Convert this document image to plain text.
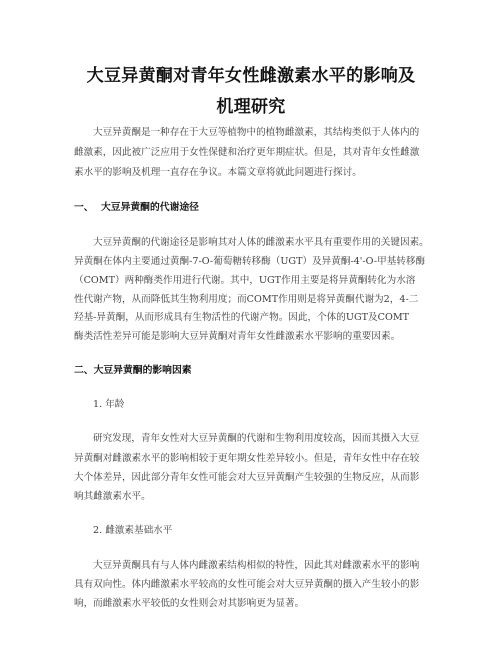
大豆异黄酮对青年女性雌激素水平的影响及
机理研究
大豆异黄酮是一种存在于大豆等植物中的植物雌激素，其结构类似于人体内的
雌激素，因此被广泛应用于女性保健和治疗更年期症状。但是，其对青年女性雌激
素水平的影响及机理一直存在争议。本篇文章将就此问题进行探讨。
一、 大豆异黄酮的代谢途径
大豆异黄酮的代谢途径是影响其对人体的雌激素水平具有重要作用的关键因素。
异黄酮在体内主要通过黄酮-7-O-葡萄糖转移酶（UGT）及异黄酮-4'-O-甲基转移酶
（COMT）两种酶类作用进行代谢。其中，UGT作用主要是将异黄酮转化为水溶
性代谢产物，从而降低其生物利用度；而COMT作用则是将异黄酮代谢为2，4-二
羟基-异黄酮，从而形成具有生物活性的代谢产物。因此，个体的UGT及COMT
酶类活性差异可能是影响大豆异黄酮对青年女性雌激素水平影响的重要因素。
二、大豆异黄酮的影响因素
1. 年龄
研究发现，青年女性对大豆异黄酮的代谢和生物利用度较高，因而其摄入大豆
异黄酮对雌激素水平的影响相较于更年期女性差异较小。但是，青年女性中存在较
大个体差异，因此部分青年女性可能会对大豆异黄酮产生较强的生物反应，从而影
响其雌激素水平。
2. 雌激素基础水平
大豆异黄酮具有与人体内雌激素结构相似的特性，因此其对雌激素水平的影响
具有双向性。体内雌激素水平较高的女性可能会对大豆异黄酮的摄入产生较小的影
响，而雌激素水平较低的女性则会对其影响更为显著。
